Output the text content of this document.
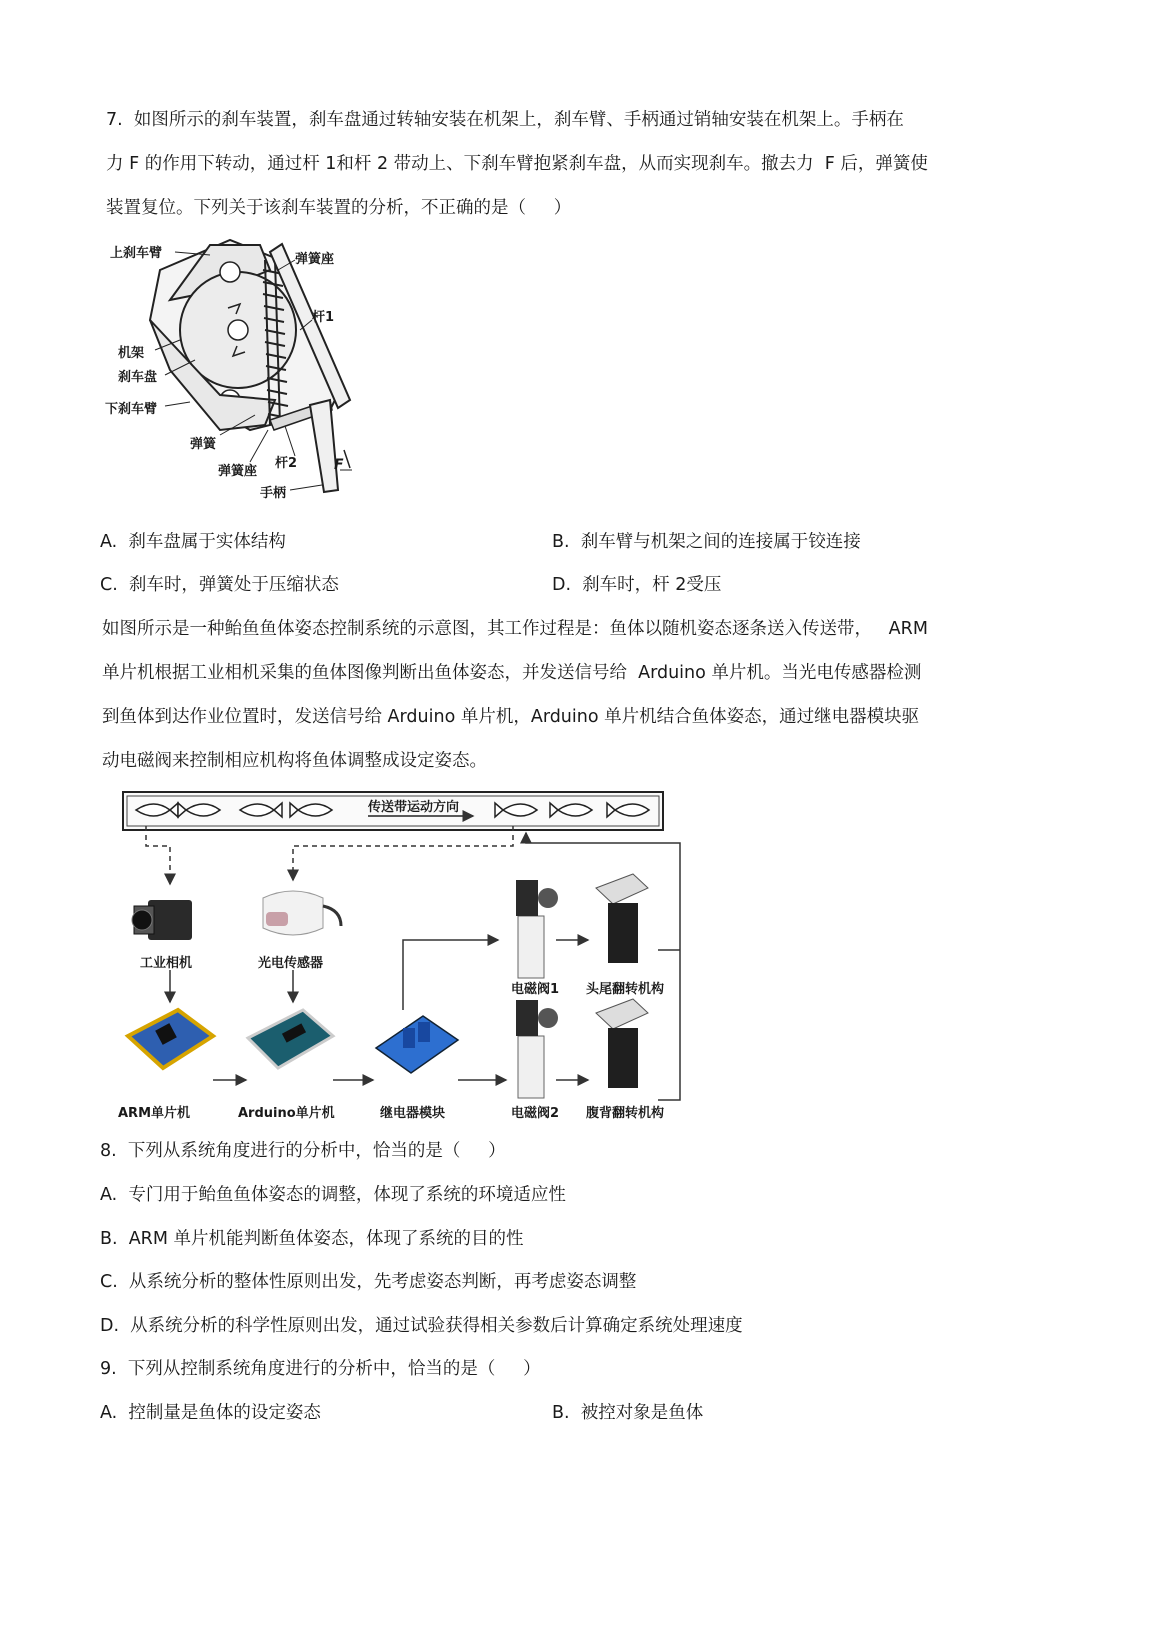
7.  如图所示的刹车装置，刹车盘通过转轴安装在机架上，刹车臂、手柄通过销轴安装在机架上。手柄在
力 F 的作用下转动，通过杆 1和杆 2 带动上、下刹车臂抱紧刹车盘，从而实现刹车。撤去力  F 后，弹簧使
装置复位。下列关于该刹车装置的分析，不正确的是（     ）
上刹车臂	弹簧座
杆1
机架
刹车盘
下刹车臂
弹簧
弹簧座
杆2	F
手柄
A.  刹车盘属于实体结构	B.  刹车臂与机架之间的连接属于铰连接
C.  刹车时，弹簧处于压缩状态	D.  刹车时，杆 2受压
如图所示是一种鲐鱼鱼体姿态控制系统的示意图，其工作过程是：鱼体以随机姿态逐条送入传送带，   ARM
单片机根据工业相机采集的鱼体图像判断出鱼体姿态，并发送信号给  Arduino 单片机。当光电传感器检测
到鱼体到达作业位置时，发送信号给 Arduino 单片机，Arduino 单片机结合鱼体姿态，通过继电器模块驱
动电磁阀来控制相应机构将鱼体调整成设定姿态。
传送带运动方向
工业相机	光电传感器
ARM单片机	Arduino单片机	继电器模块
电磁阀1
电磁阀2
头尾翻转机构
腹背翻转机构
8.  下列从系统角度进行的分析中，恰当的是（     ）
A.  专门用于鲐鱼鱼体姿态的调整，体现了系统的环境适应性
B.  ARM 单片机能判断鱼体姿态，体现了系统的目的性
C.  从系统分析的整体性原则出发，先考虑姿态判断，再考虑姿态调整
D.  从系统分析的科学性原则出发，通过试验获得相关参数后计算确定系统处理速度
9.  下列从控制系统角度进行的分析中，恰当的是（     ）
A.  控制量是鱼体的设定姿态	B.  被控对象是鱼体
